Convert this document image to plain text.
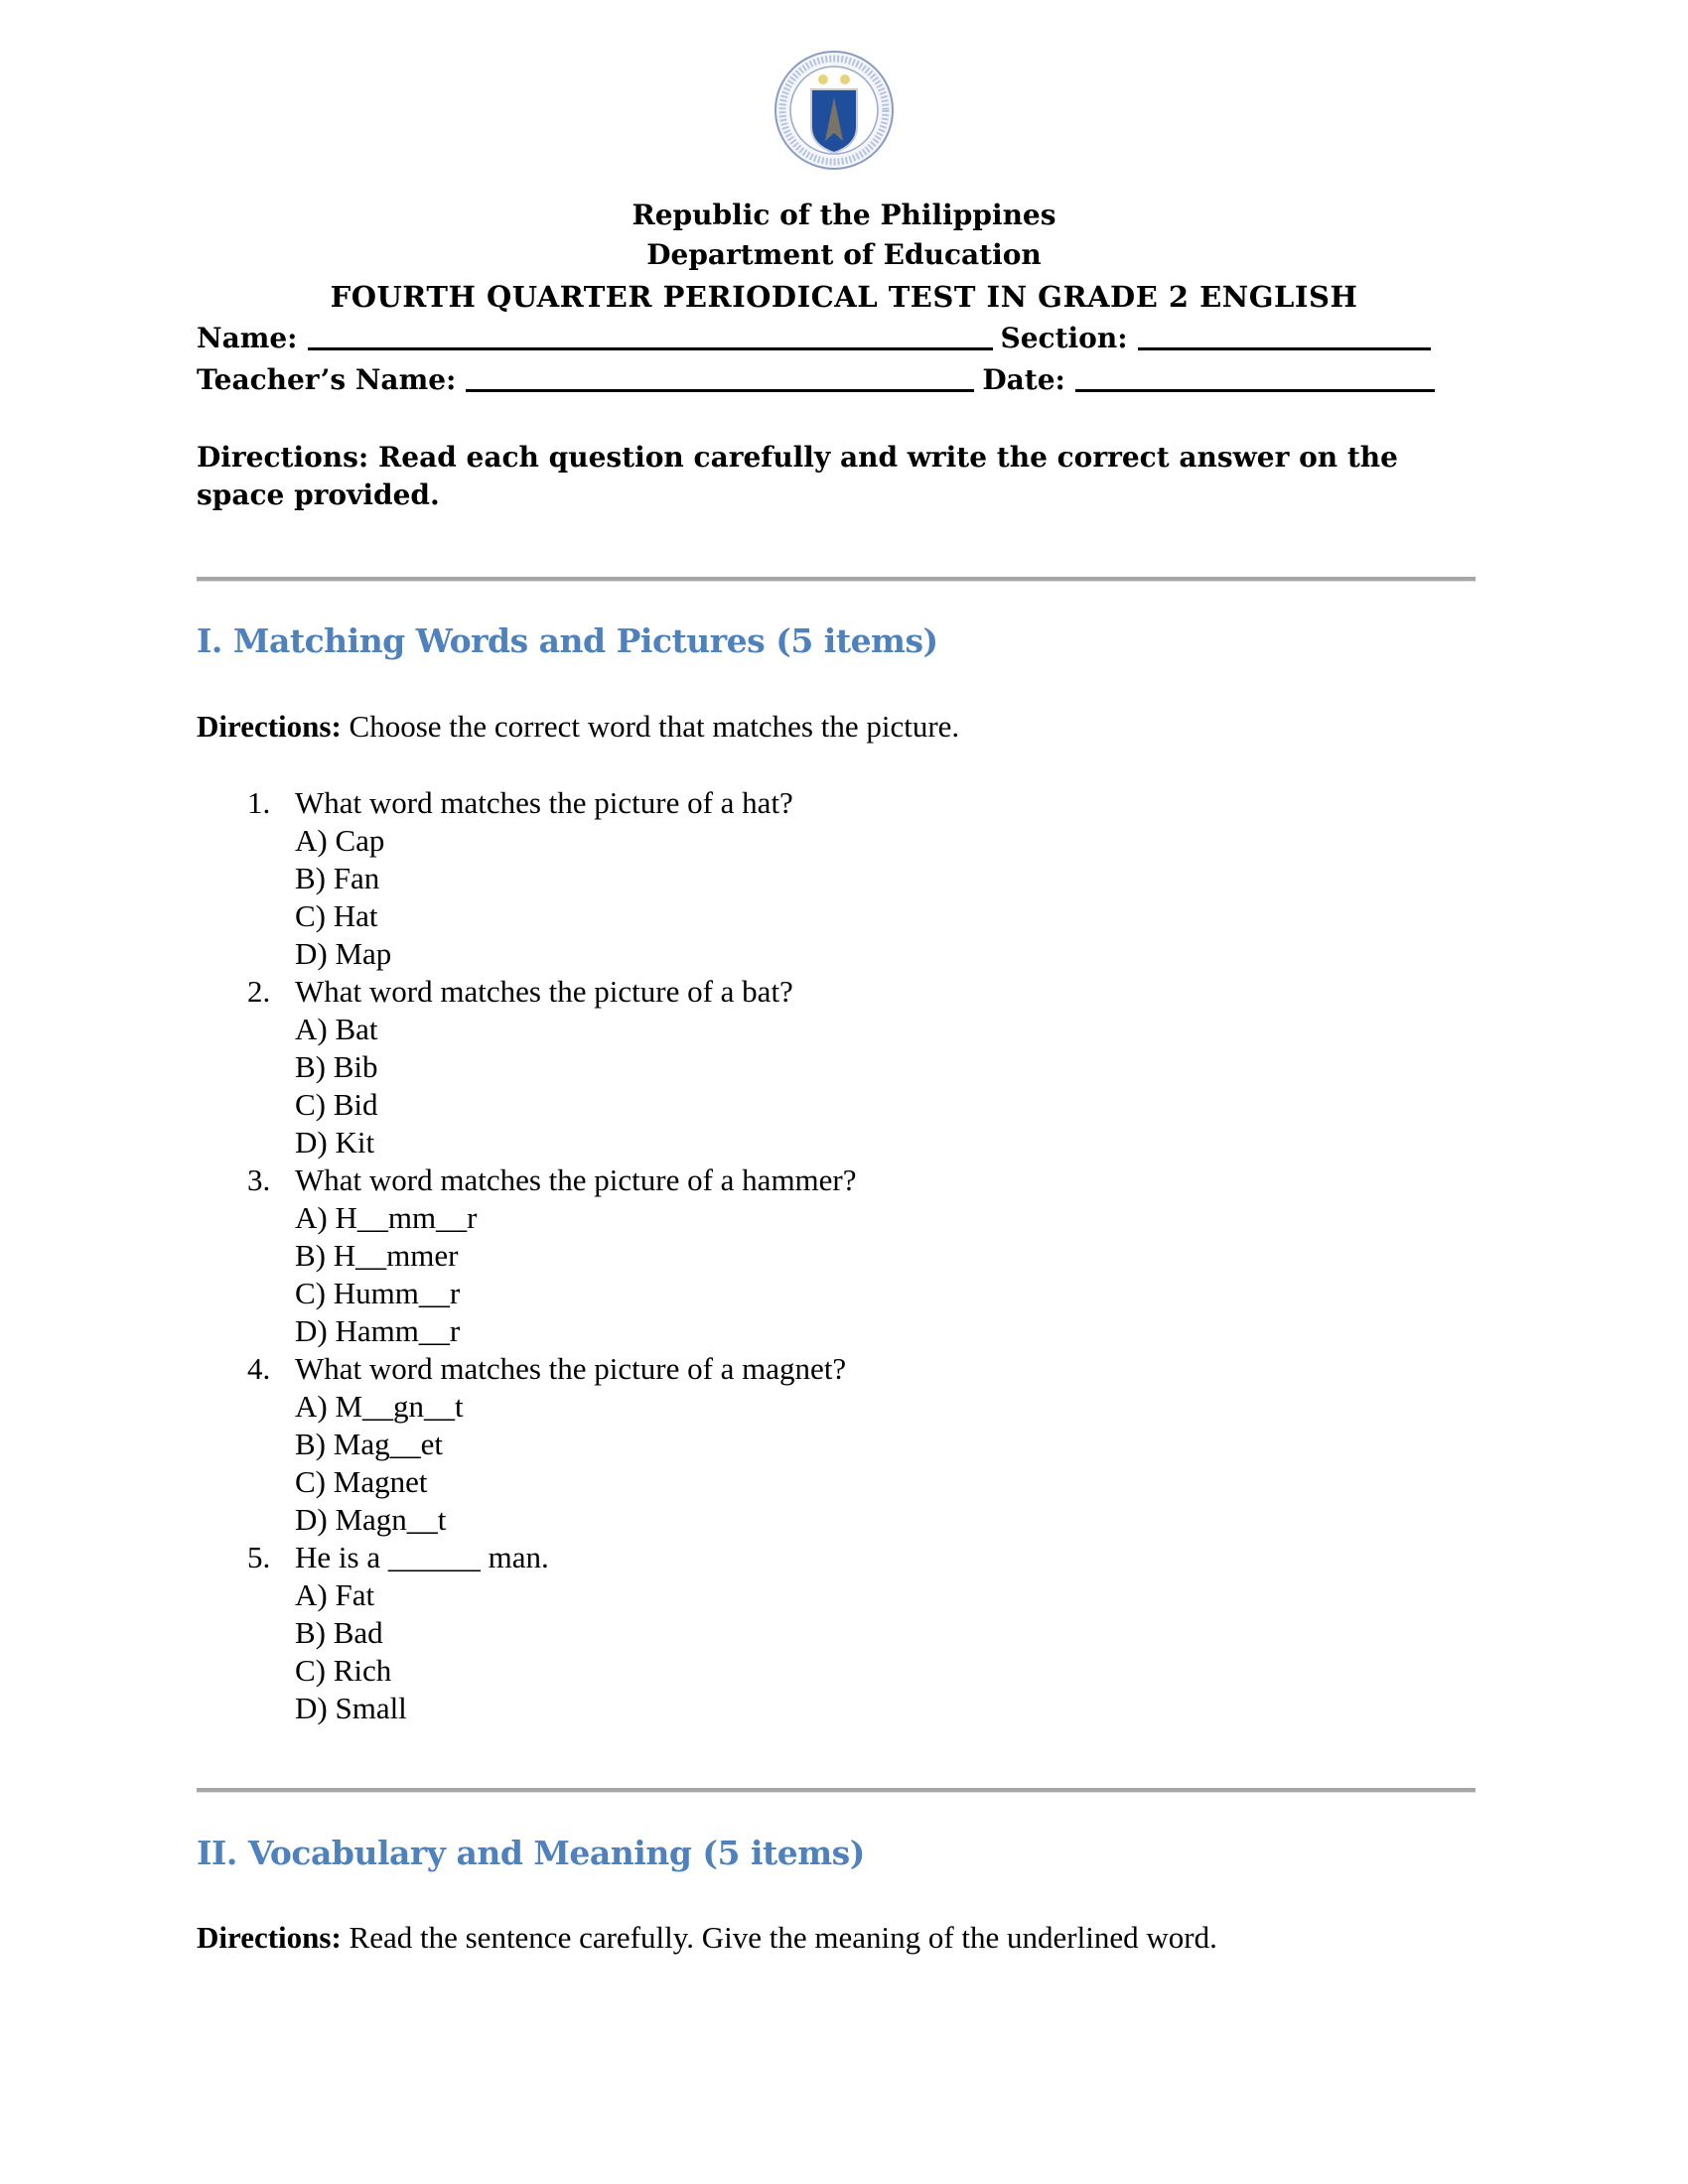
Republic of the Philippines
Department of Education
FOURTH QUARTER PERIODICAL TEST IN GRADE 2 ENGLISH
Name:	Section:
Teacher’s Name:	Date:
Directions: Read each question carefully and write the correct answer on the space provided.
I. Matching Words and Pictures (5 items)
Directions: Choose the correct word that matches the picture.
1. What word matches the picture of a hat?
A) Cap
B) Fan
C) Hat
D) Map
2. What word matches the picture of a bat?
A) Bat
B) Bib
C) Bid
D) Kit
3. What word matches the picture of a hammer?
A) H__mm__r
B) H__mmer
C) Humm__r
D) Hamm__r
4. What word matches the picture of a magnet?
A) M__gn__t
B) Mag__et
C) Magnet
D) Magn__t
5. He is a ______ man.
A) Fat
B) Bad
C) Rich
D) Small
II. Vocabulary and Meaning (5 items)
Directions: Read the sentence carefully. Give the meaning of the underlined word.
